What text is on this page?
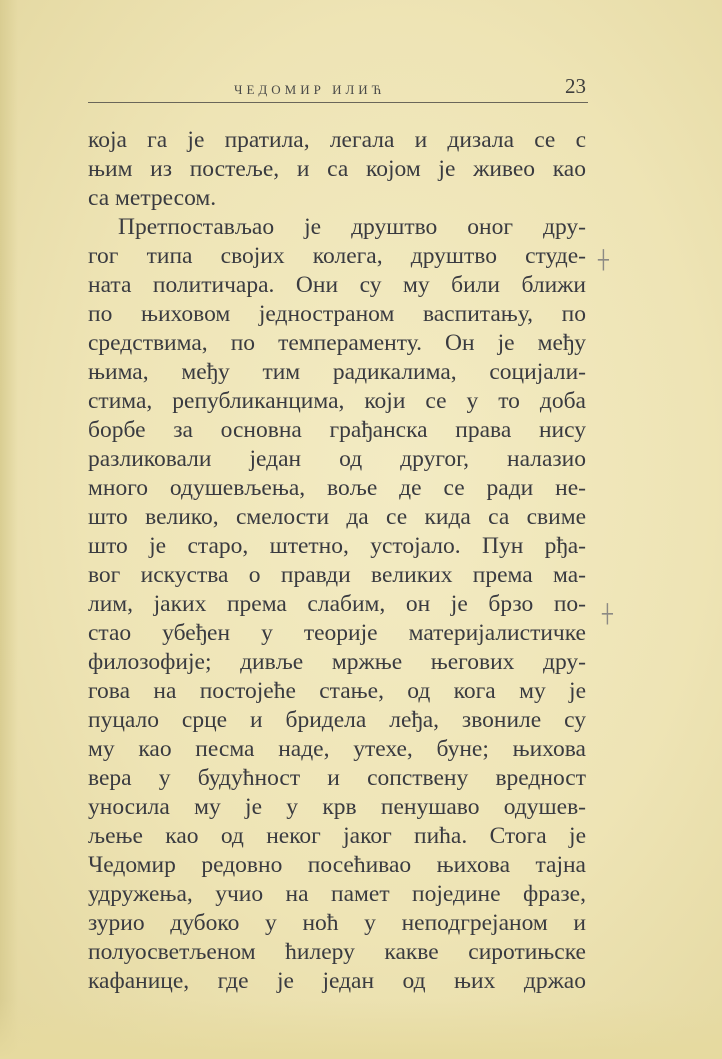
ЧЕДОМИР ИЛИЋ	23
┼
┼
која га је пратила, легала и дизала се с
њим из постеље, и са којом је живео као
са метресом.
Претпостављао је друштво оног дру-
гог типа својих колега, друштво студе-
ната политичара. Они су му били ближи
по њиховом једностраном васпитању, по
средствима, по темпераменту. Он је међу
њима, међу тим радикалима, социјали-
стима, републиканцима, који се у то доба
борбе за основна грађанска права нису
разликовали један од другог, налазио
много одушевљења, воље де се ради не-
што велико, смелости да се кида са свиме
што је старо, штетно, устојало. Пун рђа-
вог искуства о правди великих према ма-
лим, јаких према слабим, он је брзо по-
стао убеђен у теорије материјалистичке
филозофије; дивље мржње његових дру-
гова на постојеће стање, од кога му је
пуцало срце и бридела леђа, звониле су
му као песма наде, утехе, буне; њихова
вера у будућност и сопствену вредност
уносила му је у крв пенушаво одушев-
љење као од неког јаког пића. Стога је
Чедомир редовно посећивао њихова тајна
удружења, учио на памет поједине фразе,
зурио дубоко у ноћ у неподгрејаном и
полуосветљеном ћилеру какве сиротињске
кафанице, где је један од њих држао
